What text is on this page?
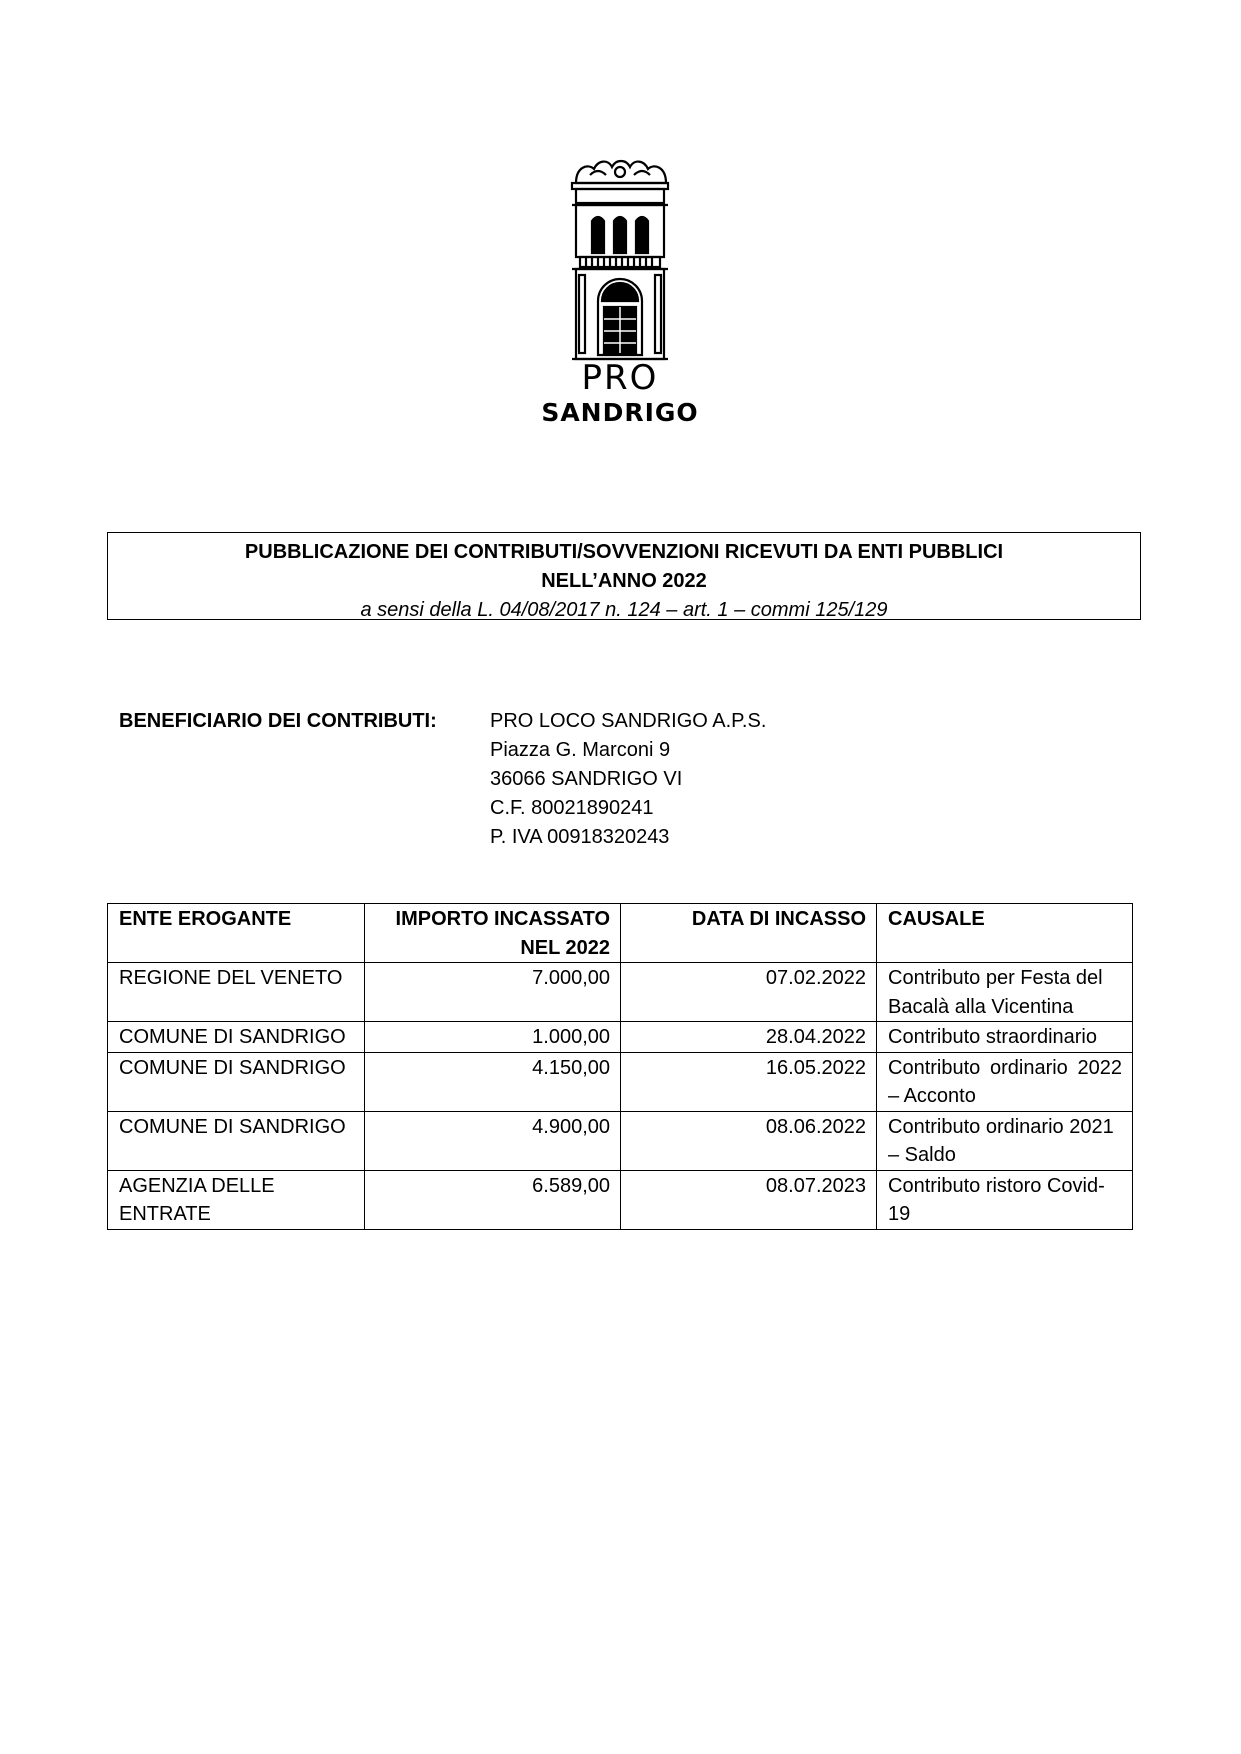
PRO
SANDRIGO
PUBBLICAZIONE DEI CONTRIBUTI/SOVVENZIONI RICEVUTI DA ENTI PUBBLICI
NELL’ANNO 2022
a sensi della L. 04/08/2017 n. 124 – art. 1 – commi 125/129
BENEFICIARIO DEI CONTRIBUTI:	PRO LOCO SANDRIGO A.P.S.
Piazza G. Marconi 9
36066 SANDRIGO VI
C.F. 80021890241
P. IVA 00918320243
ENTE EROGANTE	IMPORTO INCASSATO NEL 2022	DATA DI INCASSO	CAUSALE
REGIONE DEL VENETO	7.000,00	07.02.2022	Contributo per Festa del Bacalà alla Vicentina
COMUNE DI SANDRIGO	1.000,00	28.04.2022	Contributo straordinario
COMUNE DI SANDRIGO	4.150,00	16.05.2022	Contributo ordinario 2022 – Acconto
COMUNE DI SANDRIGO	4.900,00	08.06.2022	Contributo ordinario 2021 – Saldo
AGENZIA DELLE ENTRATE	6.589,00	08.07.2023	Contributo ristoro Covid-19
